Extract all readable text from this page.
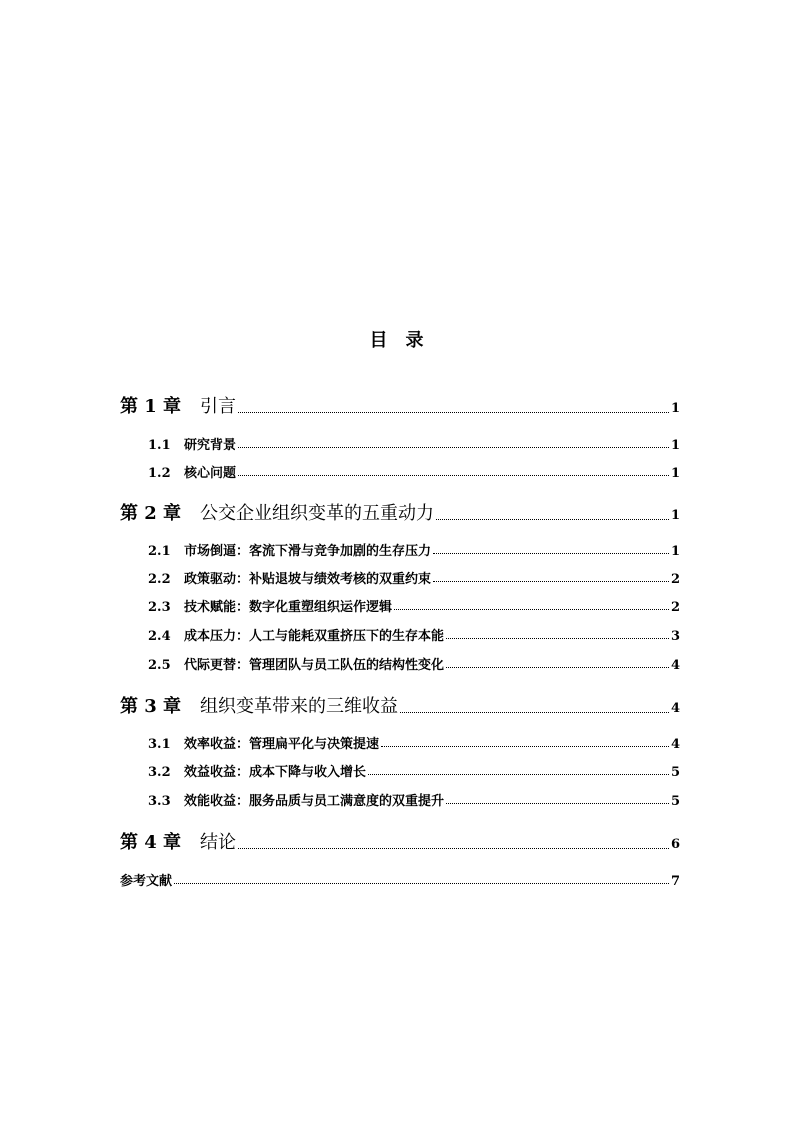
目录
第 1 章	引言	1
1.1	研究背景	1
1.2	核心问题	1
第 2 章	公交企业组织变革的五重动力	1
2.1	市场倒逼：客流下滑与竞争加剧的生存压力	1
2.2	政策驱动：补贴退坡与绩效考核的双重约束	2
2.3	技术赋能：数字化重塑组织运作逻辑	2
2.4	成本压力：人工与能耗双重挤压下的生存本能	3
2.5	代际更替：管理团队与员工队伍的结构性变化	4
第 3 章	组织变革带来的三维收益	4
3.1	效率收益：管理扁平化与决策提速	4
3.2	效益收益：成本下降与收入增长	5
3.3	效能收益：服务品质与员工满意度的双重提升	5
第 4 章	结论	6
参考文献	7
